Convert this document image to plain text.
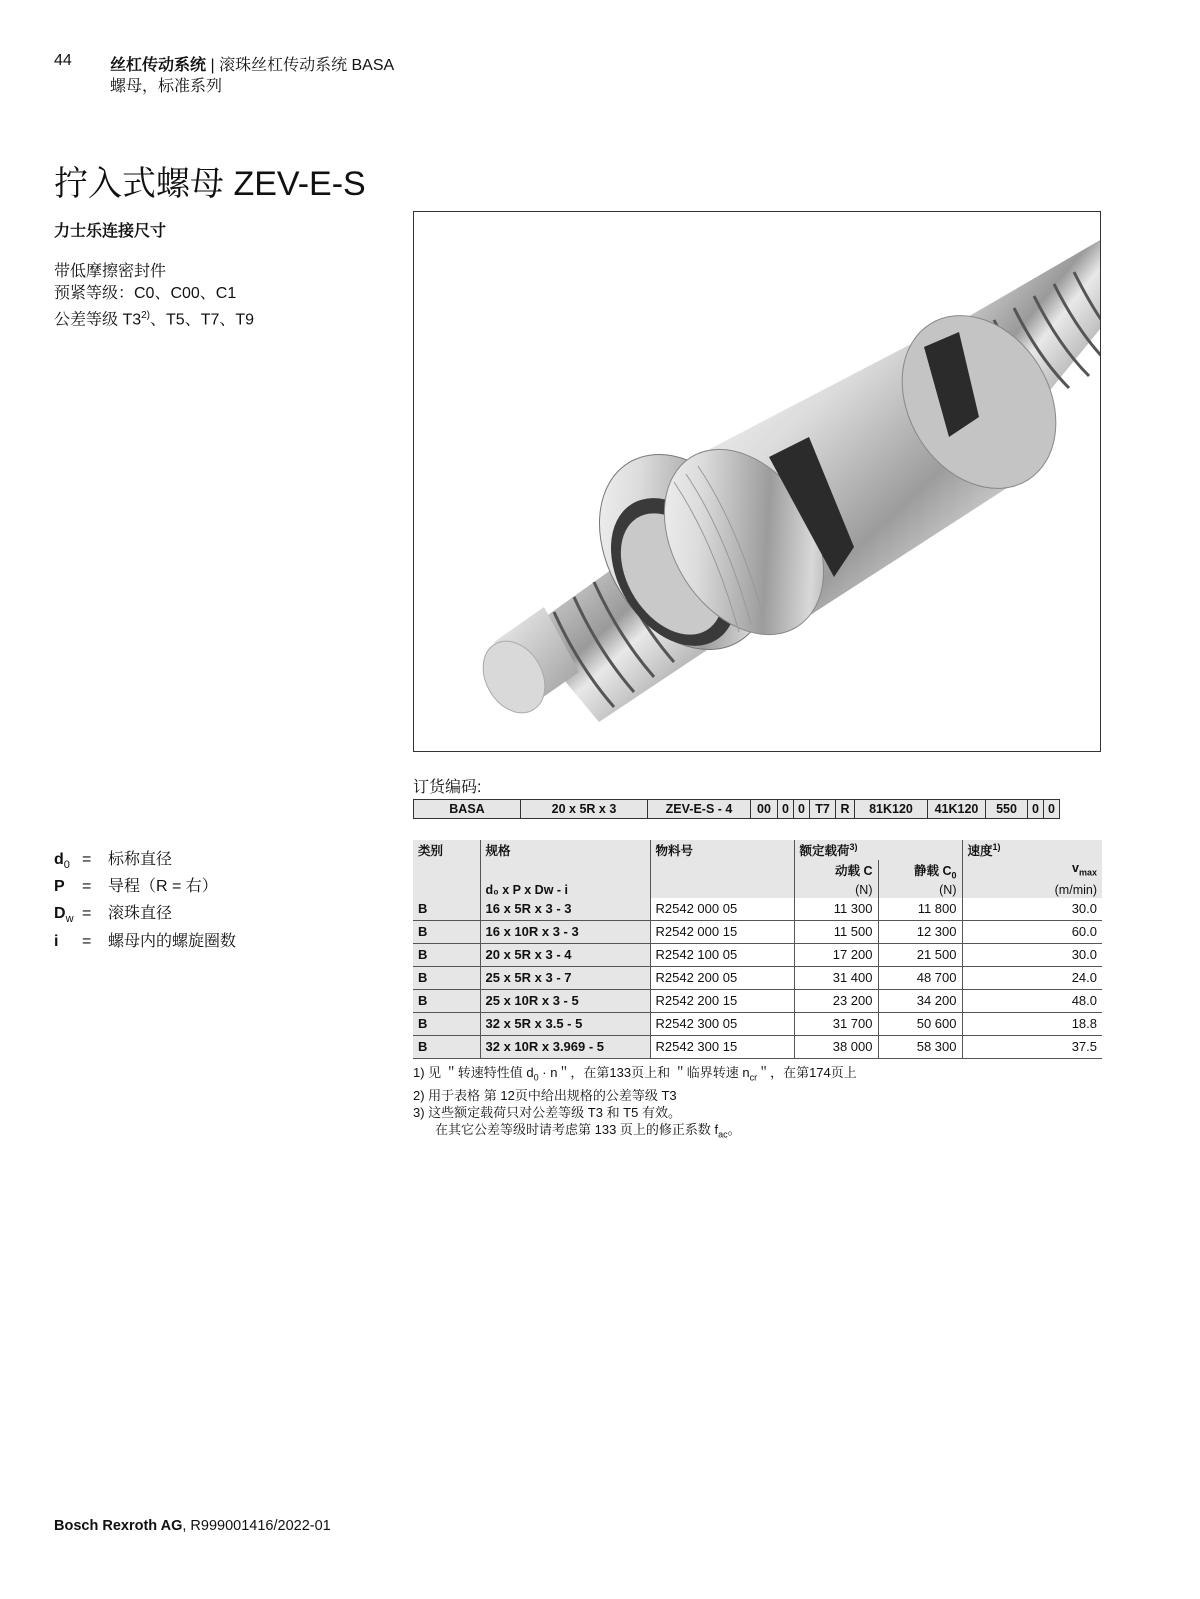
44 丝杠传动系统 | 滚珠丝杠传动系统 BASA
螺母，标准系列
拧入式螺母 ZEV-E-S
力士乐连接尺寸
带低摩擦密封件
预紧等级：C0、C00、C1
公差等级 T3$^{2)}$、T5、T7、T9
$d_0$ =	标称直径
P	=	导程（R = 右）
$D_w$ =	滚珠直径
i	=	螺母内的螺旋圈数
订货编码:
BASA	20 x 5R x 3	ZEV-E-S - 4	00	0	0	T7	R	81K120	41K120	550	0	0
类别	规格	物料号	额定载荷$^{3)}$		速度$^{1)}$
			动载 C	静载 $C_0$	$v_{max}$
	d₀ x P x Dw - i		(N)	(N)	(m/min)
B	16 x 5R x 3 - 3	R2542 000 05	11 300	11 800	30.0
B	16 x 10R x 3 - 3	R2542 000 15	11 500	12 300	60.0
B	20 x 5R x 3 - 4	R2542 100 05	17 200	21 500	30.0
B	25 x 5R x 3 - 7	R2542 200 05	31 400	48 700	24.0
B	25 x 10R x 3 - 5	R2542 200 15	23 200	34 200	48.0
B	32 x 5R x 3.5 - 5	R2542 300 05	31 700	50 600	18.8
B	32 x 10R x 3.969 - 5	R2542 300 15	38 000	58 300	37.5
1) 见 ＂转速特性值 $d_0 \cdot n$＂，在第133页上和 ＂临界转速 $n_{cr}$＂，在第174页上
2) 用于表格 第 12页中给出规格的公差等级 T3
3) 这些额定载荷只对公差等级 T3 和 T5 有效。
在其它公差等级时请考虑第 133 页上的修正系数 $f_{ac}$。
Bosch Rexroth AG, R999001416/2022-01
